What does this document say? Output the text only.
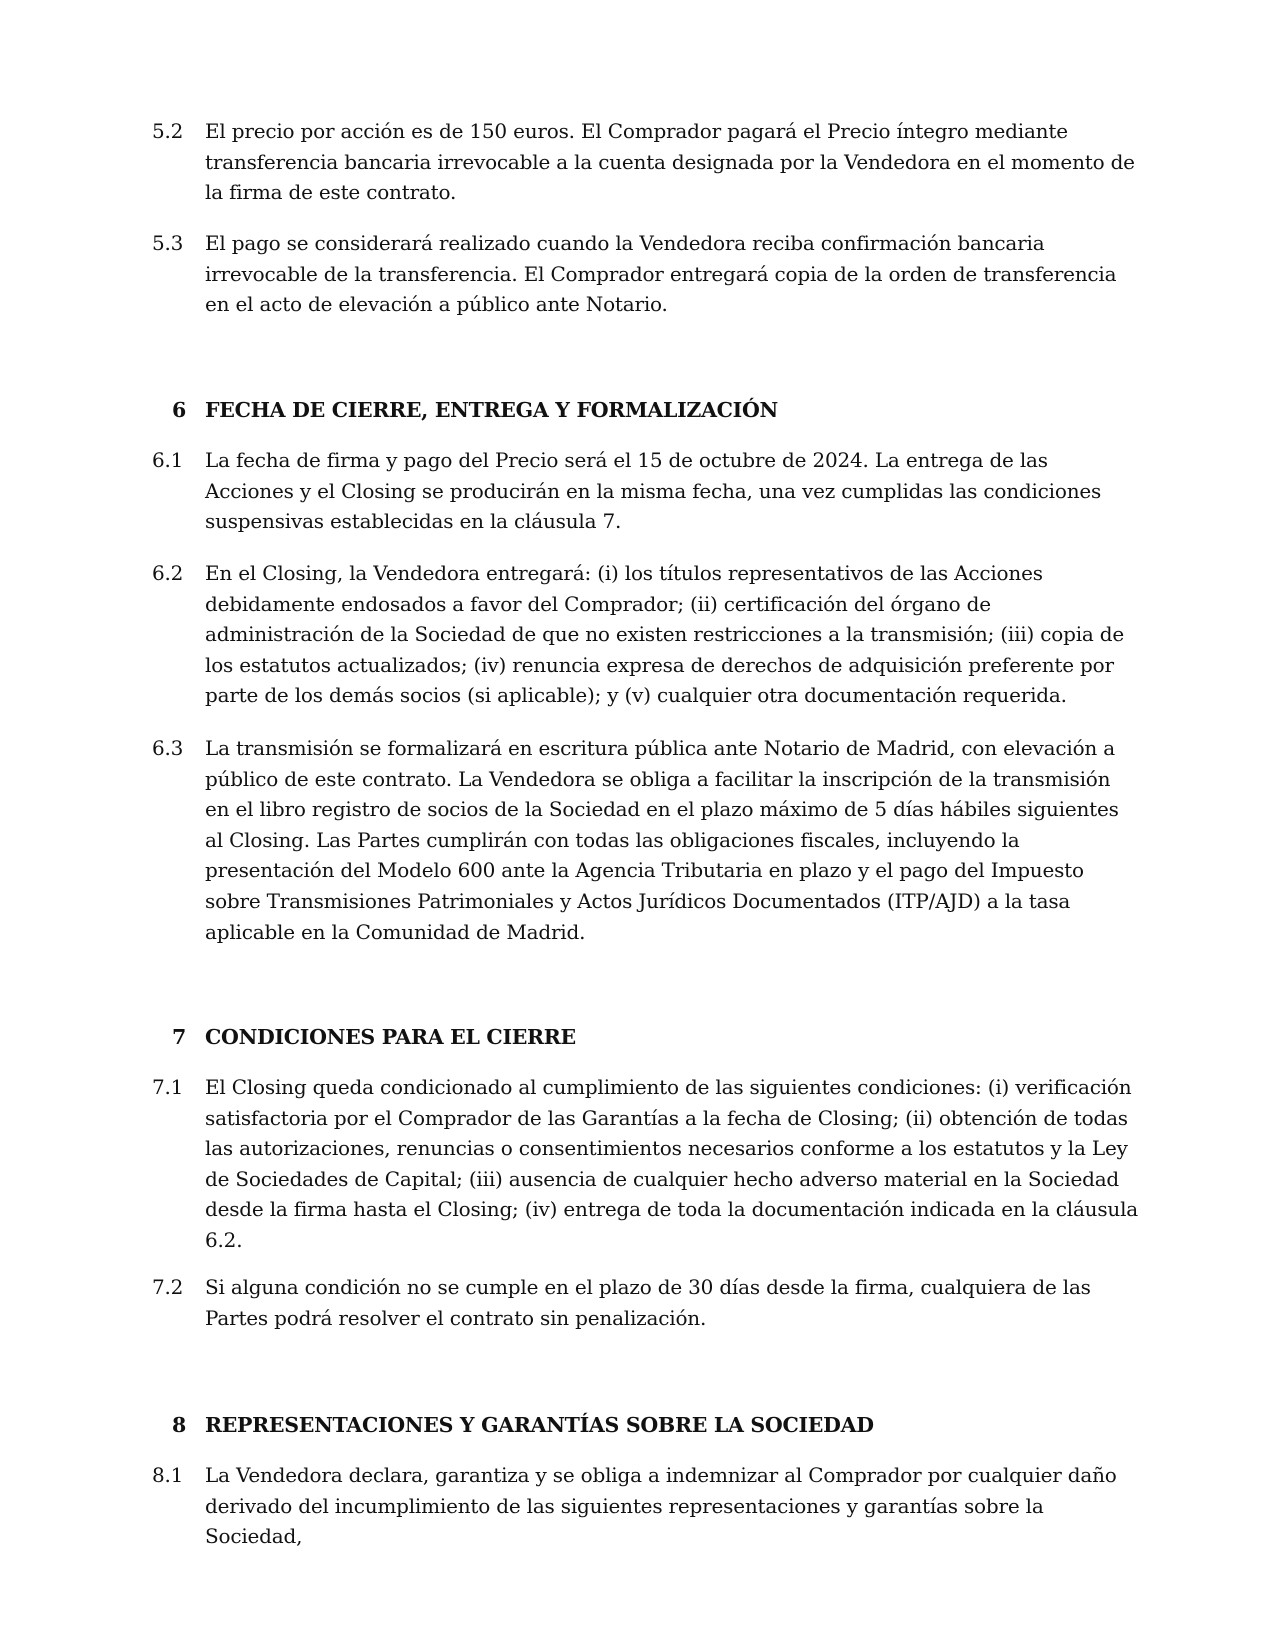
5.2	El precio por acción es de 150 euros. El Comprador pagará el Precio íntegro mediante transferencia bancaria irrevocable a la cuenta designada por la Vendedora en el momento de la firma de este contrato.
5.3	El pago se considerará realizado cuando la Vendedora reciba confirmación bancaria irrevocable de la transferencia. El Comprador entregará copia de la orden de transferencia en el acto de elevación a público ante Notario.
6 FECHA DE CIERRE, ENTREGA Y FORMALIZACIÓN
6.1	La fecha de firma y pago del Precio será el 15 de octubre de 2024. La entrega de las Acciones y el Closing se producirán en la misma fecha, una vez cumplidas las condiciones suspensivas establecidas en la cláusula 7.
6.2	En el Closing, la Vendedora entregará: (i) los títulos representativos de las Acciones debidamente endosados a favor del Comprador; (ii) certificación del órgano de administración de la Sociedad de que no existen restricciones a la transmisión; (iii) copia de los estatutos actualizados; (iv) renuncia expresa de derechos de adquisición preferente por parte de los demás socios (si aplicable); y (v) cualquier otra documentación requerida.
6.3	La transmisión se formalizará en escritura pública ante Notario de Madrid, con elevación a público de este contrato. La Vendedora se obliga a facilitar la inscripción de la transmisión en el libro registro de socios de la Sociedad en el plazo máximo de 5 días hábiles siguientes al Closing. Las Partes cumplirán con todas las obligaciones fiscales, incluyendo la presentación del Modelo 600 ante la Agencia Tributaria en plazo y el pago del Impuesto sobre Transmisiones Patrimoniales y Actos Jurídicos Documentados (ITP/AJD) a la tasa aplicable en la Comunidad de Madrid.
7 CONDICIONES PARA EL CIERRE
7.1	El Closing queda condicionado al cumplimiento de las siguientes condiciones: (i) verificación satisfactoria por el Comprador de las Garantías a la fecha de Closing; (ii) obtención de todas las autorizaciones, renuncias o consentimientos necesarios conforme a los estatutos y la Ley de Sociedades de Capital; (iii) ausencia de cualquier hecho adverso material en la Sociedad desde la firma hasta el Closing; (iv) entrega de toda la documentación indicada en la cláusula 6.2.
7.2	Si alguna condición no se cumple en el plazo de 30 días desde la firma, cualquiera de las Partes podrá resolver el contrato sin penalización.
8 REPRESENTACIONES Y GARANTÍAS SOBRE LA SOCIEDAD
8.1	La Vendedora declara, garantiza y se obliga a indemnizar al Comprador por cualquier daño derivado del incumplimiento de las siguientes representaciones y garantías sobre la Sociedad,
